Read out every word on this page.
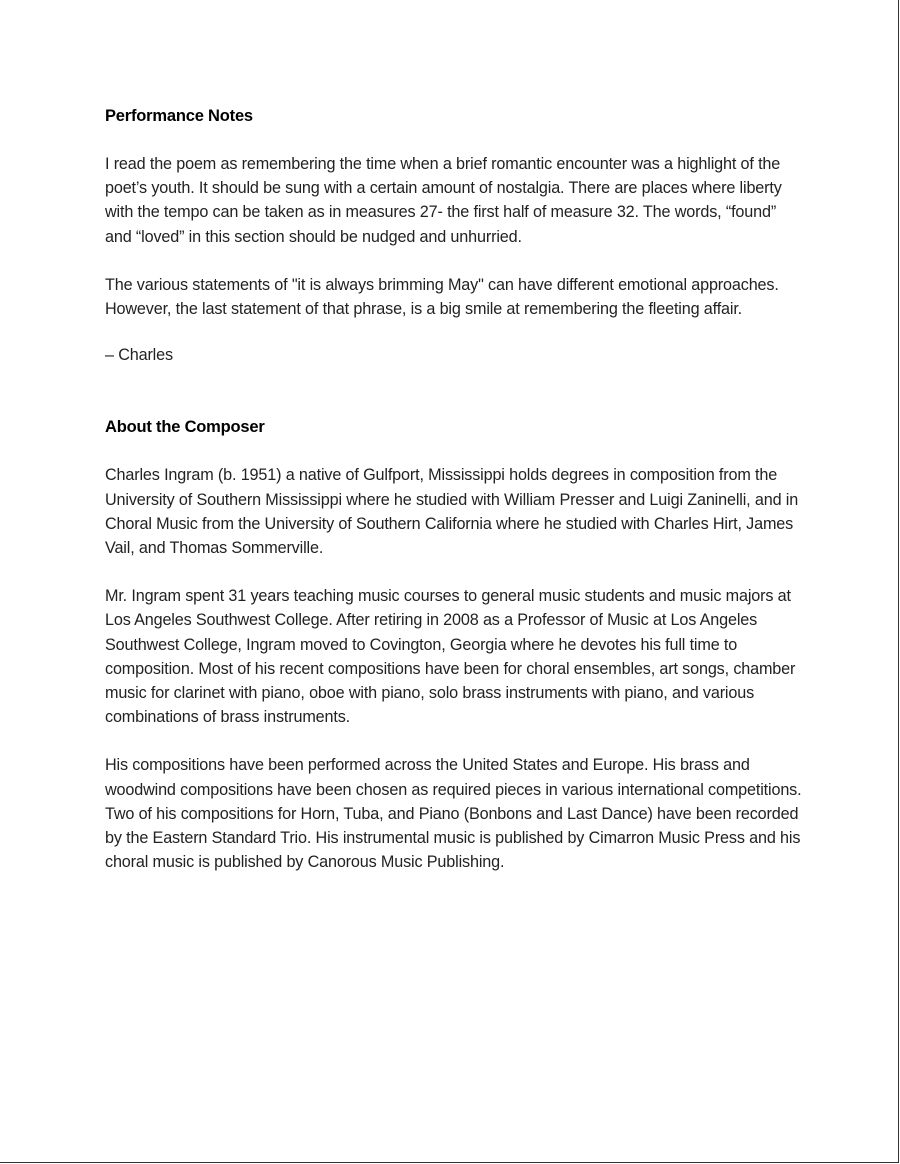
Performance Notes

I read the poem as remembering the time when a brief romantic encounter was a highlight of the poet’s youth. It should be sung with a certain amount of nostalgia. There are places where liberty with the tempo can be taken as in measures 27- the first half of measure 32. The words, “found” and “loved” in this section should be nudged and unhurried.

The various statements of "it is always brimming May" can have different emotional approaches. However, the last statement of that phrase, is a big smile at remembering the fleeting affair.

– Charles

About the Composer

Charles Ingram (b. 1951) a native of Gulfport, Mississippi holds degrees in composition from the University of Southern Mississippi where he studied with William Presser and Luigi Zaninelli, and in Choral Music from the University of Southern California where he studied with Charles Hirt, James Vail, and Thomas Sommerville.

Mr. Ingram spent 31 years teaching music courses to general music students and music majors at Los Angeles Southwest College. After retiring in 2008 as a Professor of Music at Los Angeles Southwest College, Ingram moved to Covington, Georgia where he devotes his full time to composition. Most of his recent compositions have been for choral ensembles, art songs, chamber music for clarinet with piano, oboe with piano, solo brass instruments with piano, and various combinations of brass instruments.

His compositions have been performed across the United States and Europe. His brass and woodwind compositions have been chosen as required pieces in various international competitions. Two of his compositions for Horn, Tuba, and Piano (Bonbons and Last Dance) have been recorded by the Eastern Standard Trio. His instrumental music is published by Cimarron Music Press and his choral music is published by Canorous Music Publishing.
